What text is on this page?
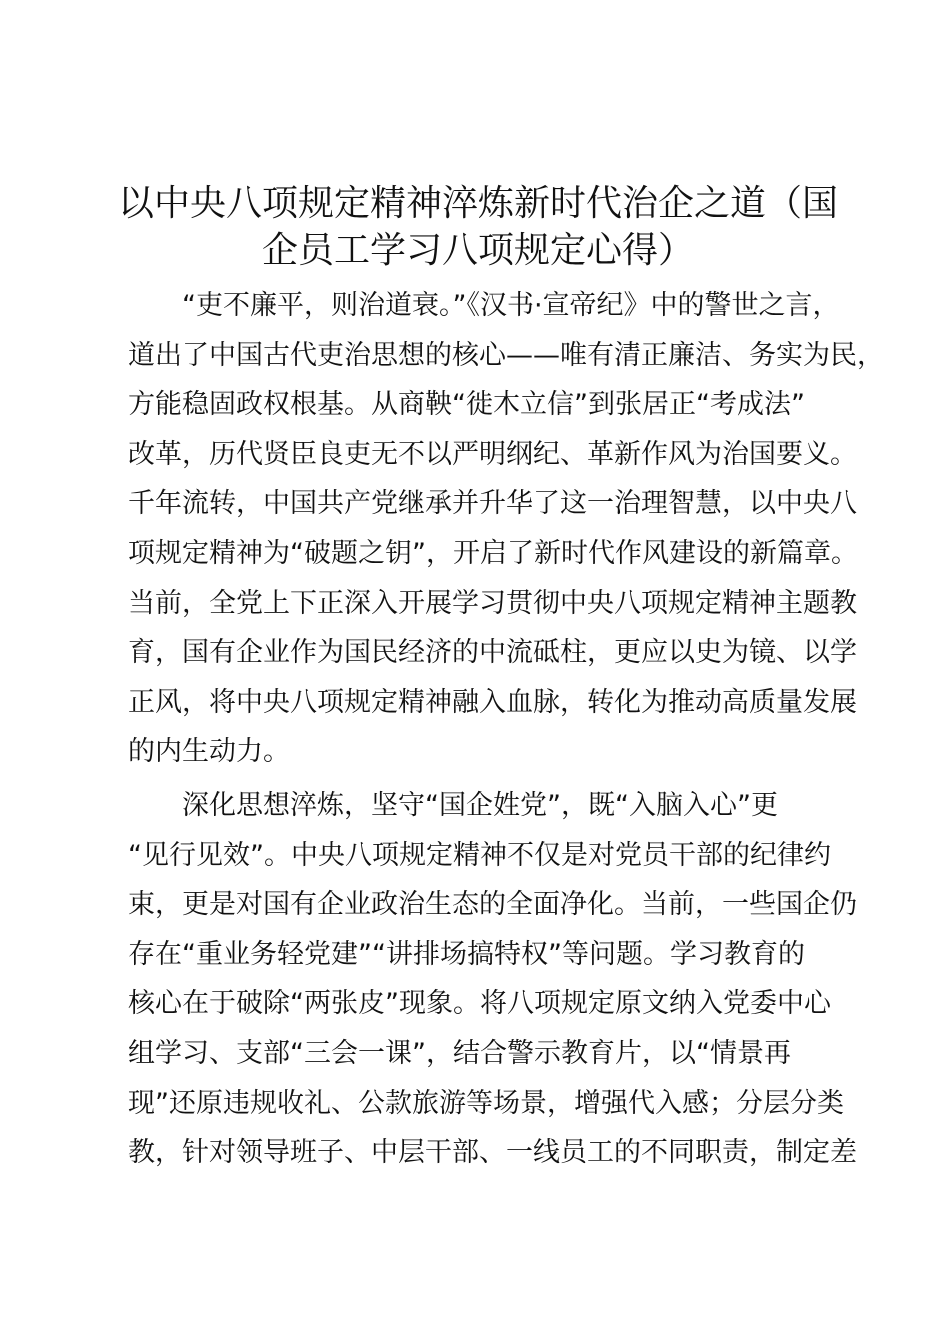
以中央八项规定精神淬炼新时代治企之道（国
企员工学习八项规定心得）

　　“吏不廉平，则治道衰。”《汉书·宣帝纪》中的警世之言，
道出了中国古代吏治思想的核心——唯有清正廉洁、务实为民，
方能稳固政权根基。从商鞅“徙木立信”到张居正“考成法”
改革，历代贤臣良吏无不以严明纲纪、革新作风为治国要义。
千年流转，中国共产党继承并升华了这一治理智慧，以中央八
项规定精神为“破题之钥”，开启了新时代作风建设的新篇章。
当前，全党上下正深入开展学习贯彻中央八项规定精神主题教
育，国有企业作为国民经济的中流砥柱，更应以史为镜、以学
正风，将中央八项规定精神融入血脉，转化为推动高质量发展
的内生动力。

　　深化思想淬炼，坚守“国企姓党”，既“入脑入心”更
“见行见效”。中央八项规定精神不仅是对党员干部的纪律约
束，更是对国有企业政治生态的全面净化。当前，一些国企仍
存在“重业务轻党建”“讲排场搞特权”等问题。学习教育的
核心在于破除“两张皮”现象。将八项规定原文纳入党委中心
组学习、支部“三会一课”，结合警示教育片，以“情景再
现”还原违规收礼、公款旅游等场景，增强代入感；分层分类
教，针对领导班子、中层干部、一线员工的不同职责，制定差
